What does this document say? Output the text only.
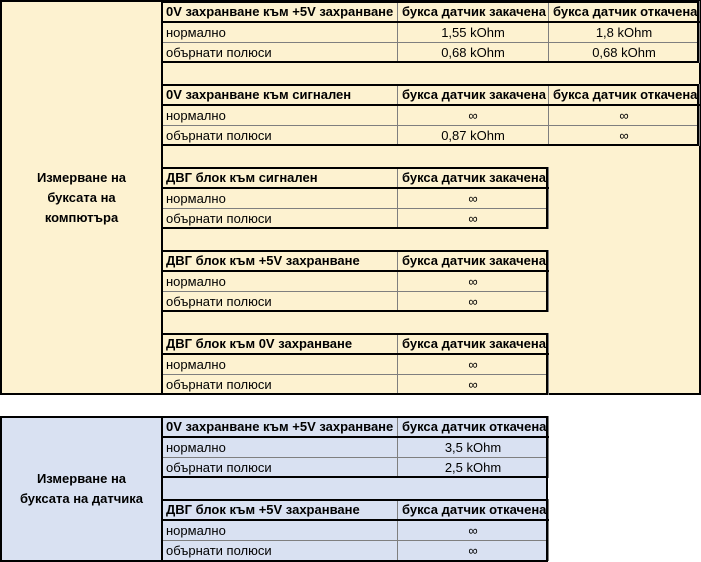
Измерване на буксата на компютъра
0V захранване към +5V захранване	букса датчик закачена	букса датчик откачена
нормално	1,55 kOhm	1,8 kOhm
обърнати полюси	0,68 kOhm	0,68 kOhm
0V захранване към сигнален	букса датчик закачена	букса датчик откачена
нормално	∞	∞
обърнати полюси	0,87 kOhm	∞
ДВГ блок към сигнален	букса датчик закачена
нормално	∞
обърнати полюси	∞
ДВГ блок към +5V захранване	букса датчик закачена
нормално	∞
обърнати полюси	∞
ДВГ блок към 0V захранване	букса датчик закачена
нормално	∞
обърнати полюси	∞
Измерване на буксата на датчика
0V захранване към +5V захранване	букса датчик откачена
нормално	3,5 kOhm
обърнати полюси	2,5 kOhm
ДВГ блок към +5V захранване	букса датчик откачена
нормално	∞
обърнати полюси	∞
